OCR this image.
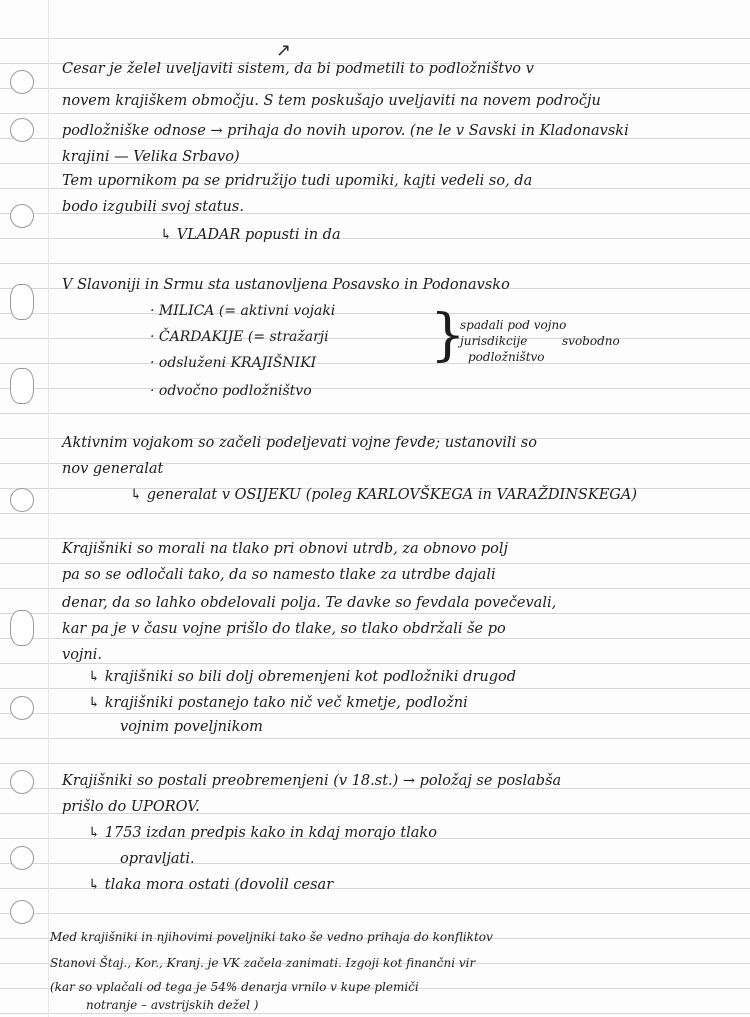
↗
Cesar je želel uveljaviti sistem, da bi podmetili to podložništvo v
novem krajiškem območju. S tem poskušajo uveljaviti na novem področju
podložniške odnose → prihaja do novih uporov. (ne le v Savski in Kladonavski
krajini — Velika Srbavo)
Tem upornikom pa se pridružijo tudi upomiki, kajti vedeli so, da
bodo izgubili svoj status.
↳ VLADAR popusti in da
V Slavoniji in Srmu sta ustanovljena Posavsko in Podonavsko
· MILICA (= aktivni vojaki
· ČARDAKIJE (= stražarji
· odsluženi KRAJIŠNIKI
· odvočno podložništvo
}
spadali pod vojno
jurisdikcije
podložništvo
svobodno
Aktivnim vojakom so začeli podeljevati vojne fevde; ustanovili so
nov generalat
↳ generalat v OSIJEKU (poleg KARLOVŠKEGA in VARAŽDINSKEGA)
Krajišniki so morali na tlako pri obnovi utrdb, za obnovo polj
pa so se odločali tako, da so namesto tlake za utrdbe dajali
denar, da so lahko obdelovali polja. Te davke so fevdala povečevali,
kar pa je v času vojne prišlo do tlake, so tlako obdržali še po
vojni.
↳ krajišniki so bili dolj obremenjeni kot podložniki drugod
↳ krajišniki postanejo tako nič več kmetje, podložni
vojnim poveljnikom
Krajišniki so postali preobremenjeni (v 18.st.) → položaj se poslabša
prišlo do UPOROV.
↳ 1753 izdan predpis kako in kdaj morajo tlako
opravljati.
↳ tlaka mora ostati (dovolil cesar
Med krajišniki in njihovimi poveljniki tako še vedno prihaja do konfliktov
Stanovi Štaj., Kor., Kranj. je VK začela zanimati. Izgoji kot finančni vir
(kar so vplačali od tega je 54% denarja vrnilo v kupe plemiči
notranje – avstrijskih dežel )
